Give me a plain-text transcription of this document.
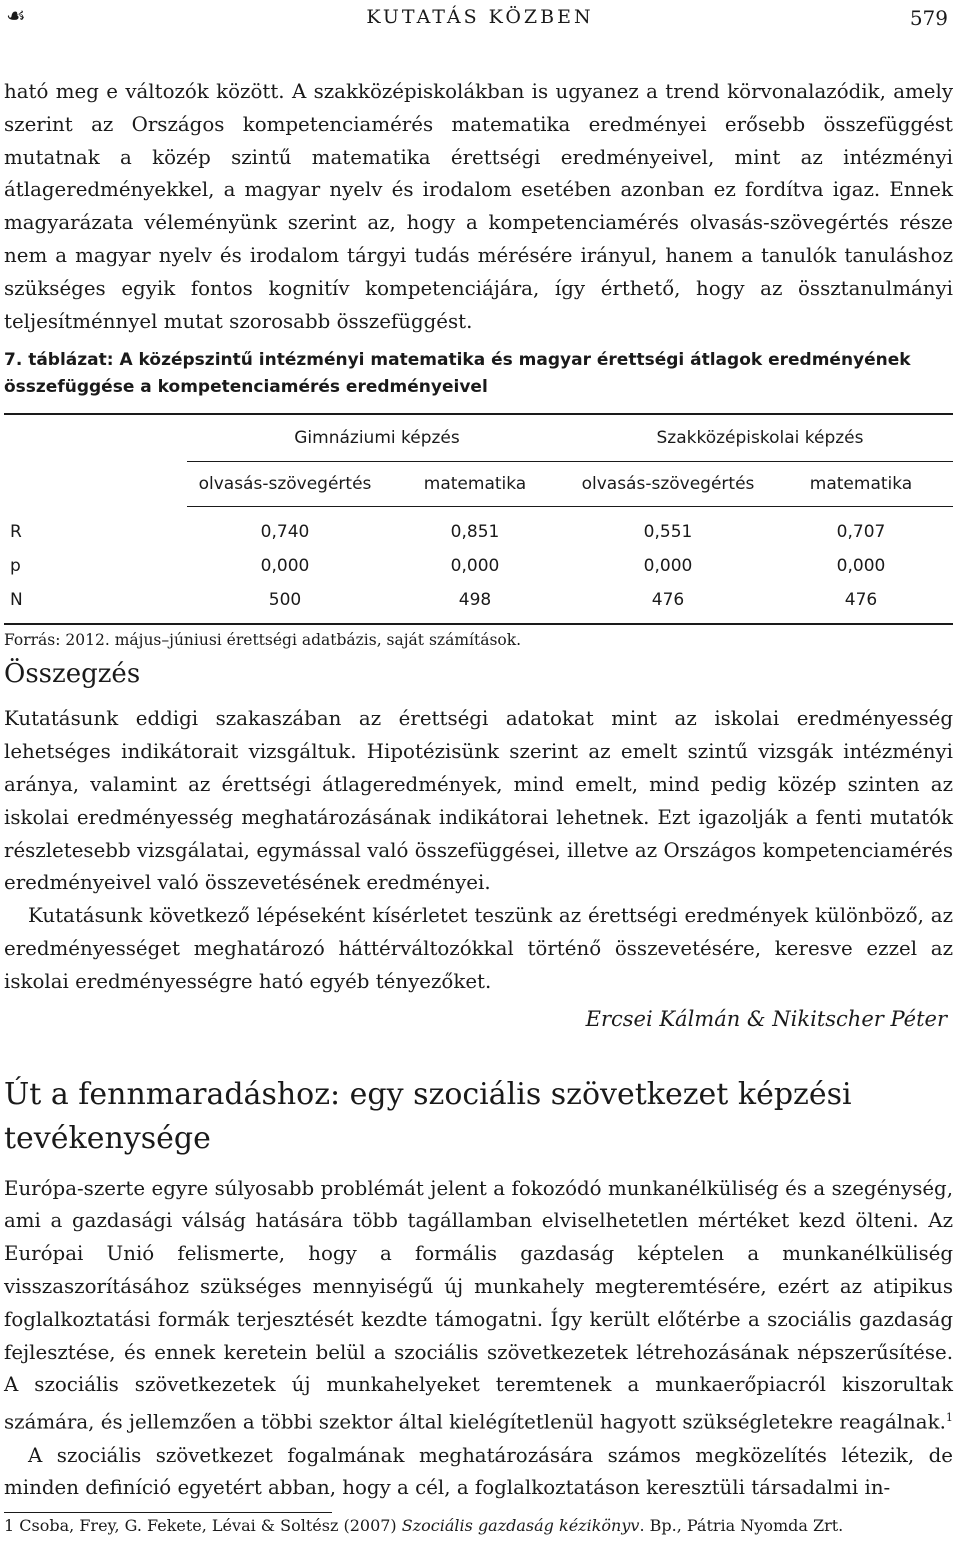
☙	KUTATÁS KÖZBEN	579

ható meg e változók között. A szakközépiskolákban is ugyanez a trend körvonalazódik, amely szerint az Országos kompetenciamérés matematika eredményei erősebb összefüggést mutatnak a közép szintű matematika érettségi eredményeivel, mint az intézményi átlageredményekkel, a magyar nyelv és irodalom esetében azonban ez fordítva igaz. Ennek magyarázata véleményünk szerint az, hogy a kompetenciamérés olvasás-szövegértés része nem a magyar nyelv és irodalom tárgyi tudás mérésére irányul, hanem a tanulók tanuláshoz szükséges egyik fontos kognitív kompetenciájára, így érthető, hogy az össztanulmányi teljesítménnyel mutat szorosabb összefüggést.

7. táblázat: A középszintű intézményi matematika és magyar érettségi átlagok eredményének összefüggése a kompetenciamérés eredményeivel

	Gimnáziumi képzés		Szakközépiskolai képzés	
	olvasás-szövegértés	matematika	olvasás-szövegértés	matematika
R	0,740	0,851	0,551	0,707
p	0,000	0,000	0,000	0,000
N	500	498	476	476

Forrás: 2012. május–júniusi érettségi adatbázis, saját számítások.
Összegzés

Kutatásunk eddigi szakaszában az érettségi adatokat mint az iskolai eredményesség lehetséges indikátorait vizsgáltuk. Hipotézisünk szerint az emelt szintű vizsgák intézményi aránya, valamint az érettségi átlageredmények, mind emelt, mind pedig közép szinten az iskolai eredményesség meghatározásának indikátorai lehetnek. Ezt igazolják a fenti mutatók részletesebb vizsgálatai, egymással való összefüggései, illetve az Országos kompetenciamérés eredményeivel való összevetésének eredményei.

Kutatásunk következő lépéseként kísérletet teszünk az érettségi eredmények különböző, az eredményességet meghatározó háttérváltozókkal történő összevetésére, keresve ezzel az iskolai eredményességre ható egyéb tényezőket.

Ercsei Kálmán & Nikitscher Péter
Út a fennmaradáshoz: egy szociális szövetkezet képzési tevékenysége

Európa-szerte egyre súlyosabb problémát jelent a fokozódó munkanélküliség és a szegénység, ami a gazdasági válság hatására több tagállamban elviselhetetlen mértéket kezd ölteni. Az Európai Unió felismerte, hogy a formális gazdaság képtelen a munkanélküliség visszaszorításához szükséges mennyiségű új munkahely megteremtésére, ezért az atipikus foglalkoztatási formák terjesztését kezdte támogatni. Így került előtérbe a szociális gazdaság fejlesztése, és ennek keretein belül a szociális szövetkezetek létrehozásának népszerűsítése. A szociális szövetkezetek új munkahelyeket teremtenek a munkaerőpiacról kiszorultak számára, és jellemzően a többi szektor által kielégítetlenül hagyott szükségletekre reagálnak.$^1$

A szociális szövetkezet fogalmának meghatározására számos megközelítés létezik, de minden definíció egyetért abban, hogy a cél, a foglalkoztatáson keresztüli társadalmi in-

1 Csoba, Frey, G. Fekete, Lévai & Soltész (2007) Szociális gazdaság kézikönyv. Bp., Pátria Nyomda Zrt.
